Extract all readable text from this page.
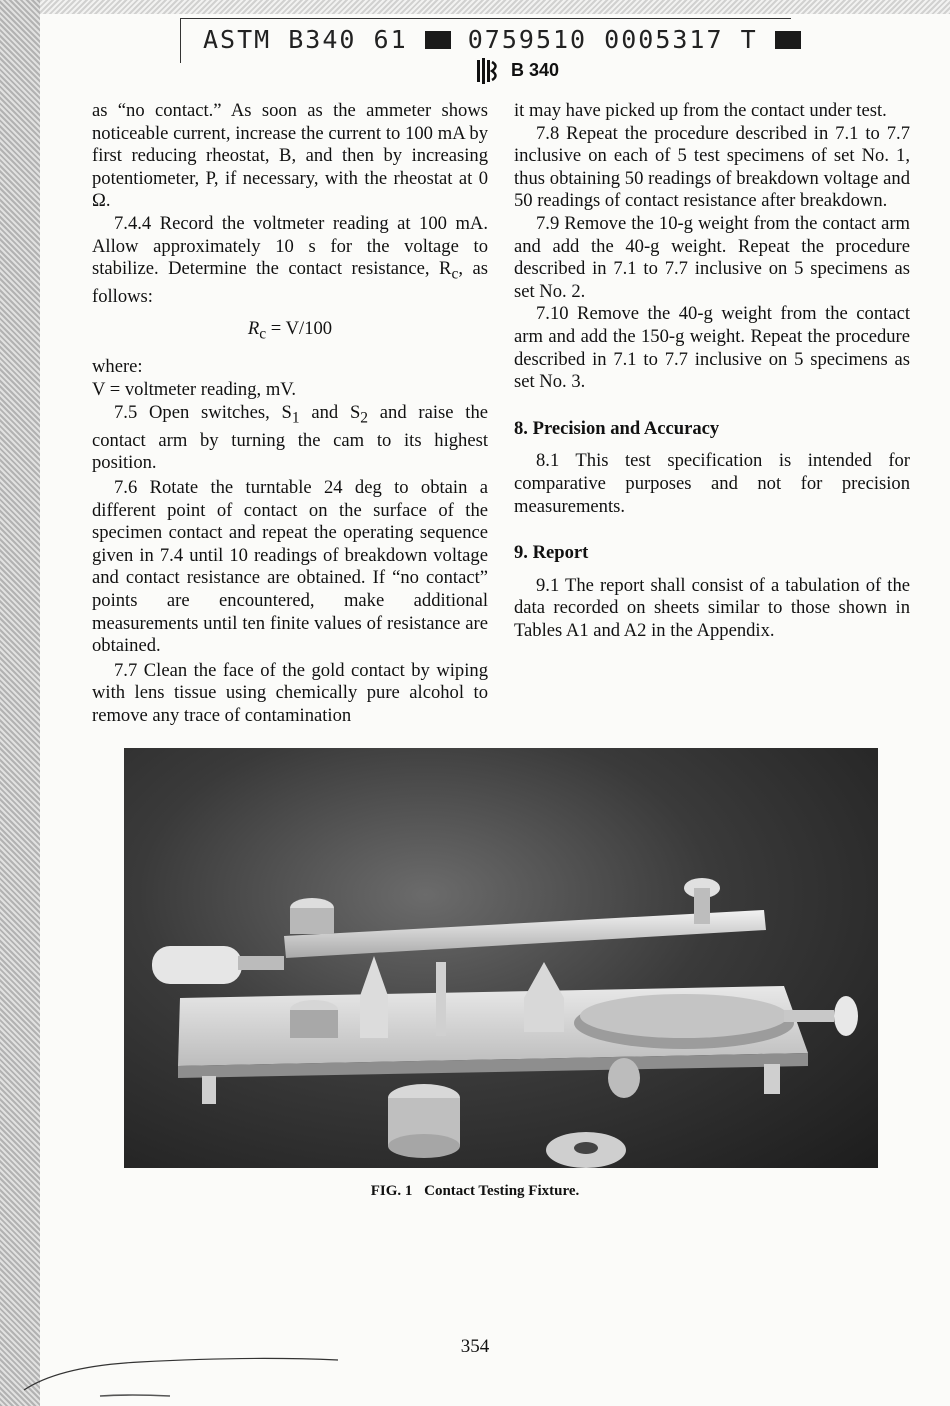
ASTM B340 61 0759510 0005317 T
B 340

as “no contact.” As soon as the ammeter shows noticeable current, increase the current to 100 mA by first reducing rheostat, B, and then by increasing potentiometer, P, if necessary, with the rheostat at 0 Ω.

7.4.4 Record the voltmeter reading at 100 mA. Allow approximately 10 s for the voltage to stabilize. Determine the contact resistance, $R_c$, as follows:

$R_c = V/100$

where:

V = voltmeter reading, mV.

7.5 Open switches, $S_1$ and $S_2$ and raise the contact arm by turning the cam to its highest position.

7.6 Rotate the turntable 24 deg to obtain a different point of contact on the surface of the specimen contact and repeat the operating sequence given in 7.4 until 10 readings of breakdown voltage and contact resistance are obtained. If “no contact” points are encountered, make additional measurements until ten finite values of resistance are obtained.

7.7 Clean the face of the gold contact by wiping with lens tissue using chemically pure alcohol to remove any trace of contamination

it may have picked up from the contact under test.

7.8 Repeat the procedure described in 7.1 to 7.7 inclusive on each of 5 test specimens of set No. 1, thus obtaining 50 readings of breakdown voltage and 50 readings of contact resistance after breakdown.

7.9 Remove the 10-g weight from the contact arm and add the 40-g weight. Repeat the procedure described in 7.1 to 7.7 inclusive on 5 specimens as set No. 2.

7.10 Remove the 40-g weight from the contact arm and add the 150-g weight. Repeat the procedure described in 7.1 to 7.7 inclusive on 5 specimens as set No. 3.

8. Precision and Accuracy

8.1 This test specification is intended for comparative purposes and not for precision measurements.

9. Report

9.1 The report shall consist of a tabulation of the data recorded on sheets similar to those shown in Tables A1 and A2 in the Appendix.

FIG. 1 Contact Testing Fixture.
354
